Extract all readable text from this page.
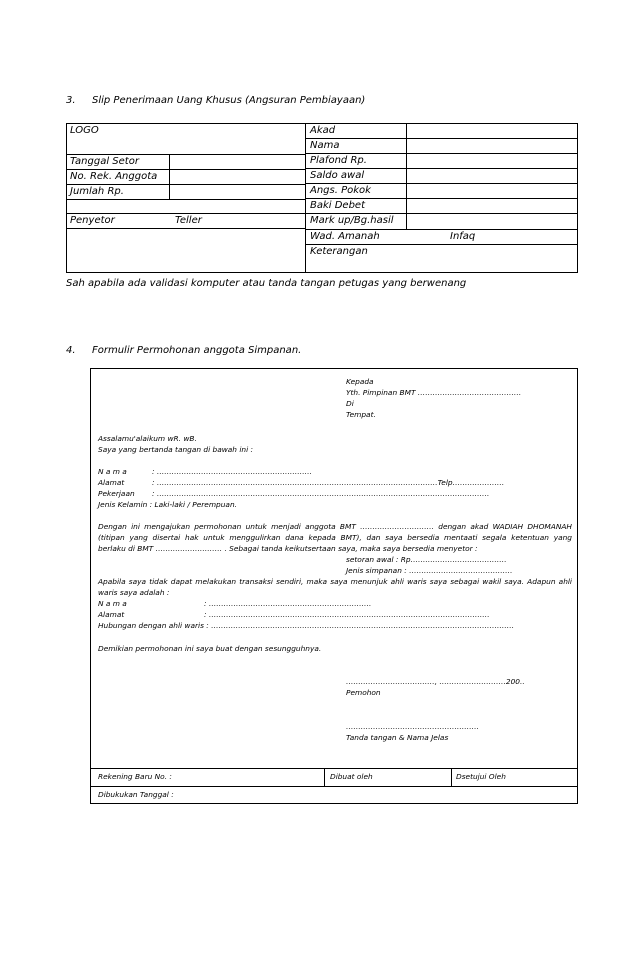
3. Slip Penerimaan Uang Khusus (Angsuran Pembiayaan)
LOGO
Tanggal Setor
No. Rek. Anggota
Jumlah Rp.
Penyetor	Teller
Akad
Nama
Plafond Rp.
Saldo awal
Angs. Pokok
Baki Debet
Mark up/Bg.hasil
Wad. Amanah	Infaq
Keterangan
Sah apabila ada validasi komputer atau tanda tangan petugas yang berwenang
4. Formulir Permohonan anggota Simpanan.
Kepada
Yth. Pimpinan BMT ……………………………………
Di
Tempat.
Assalamu'alaikum wR. wB.
Saya yang bertanda tangan di bawah ini :
N a m a	: ………………………………………………………
Alamat	: ……………………………………………………………………………………………………Telp…………………
Pekerjaan : ………………………………………………………………………………………………………………………
Jenis Kelamin : Laki-laki / Perempuan.
Dengan ini mengajukan permohonan untuk menjadi anggota BMT ………………………… dengan akad WADIAH DHOMANAH
(titipan yang disertai hak untuk menggulirkan dana kepada BMT), dan saya bersedia mentaati segala ketentuan yang
berlaku di BMT ……………………… . Sebagai tanda keikutsertaan saya, maka saya bersedia menyetor :
setoran awal : Rp…………………………………
Jenis simpanan : ……………………………………
Apabila saya tidak dapat melakukan transaksi sendiri, maka saya menunjuk ahli waris saya sebagai wakil saya. Adapun ahli
waris saya adalah :
N a m a	: …………………………………………………………
Alamat	: ……………………………………………………………………………………………………
Hubungan dengan ahli waris : ……………………………………………………………………………………………………………
Demikian permohonan ini saya buat dengan sesungguhnya.
………………………………, ………………………200..
Pemohon
………………………………………………
Tanda tangan & Nama Jelas
Rekening Baru No. :	Dibuat oleh	Dsetujui Oleh
Dibukukan Tanggal :
